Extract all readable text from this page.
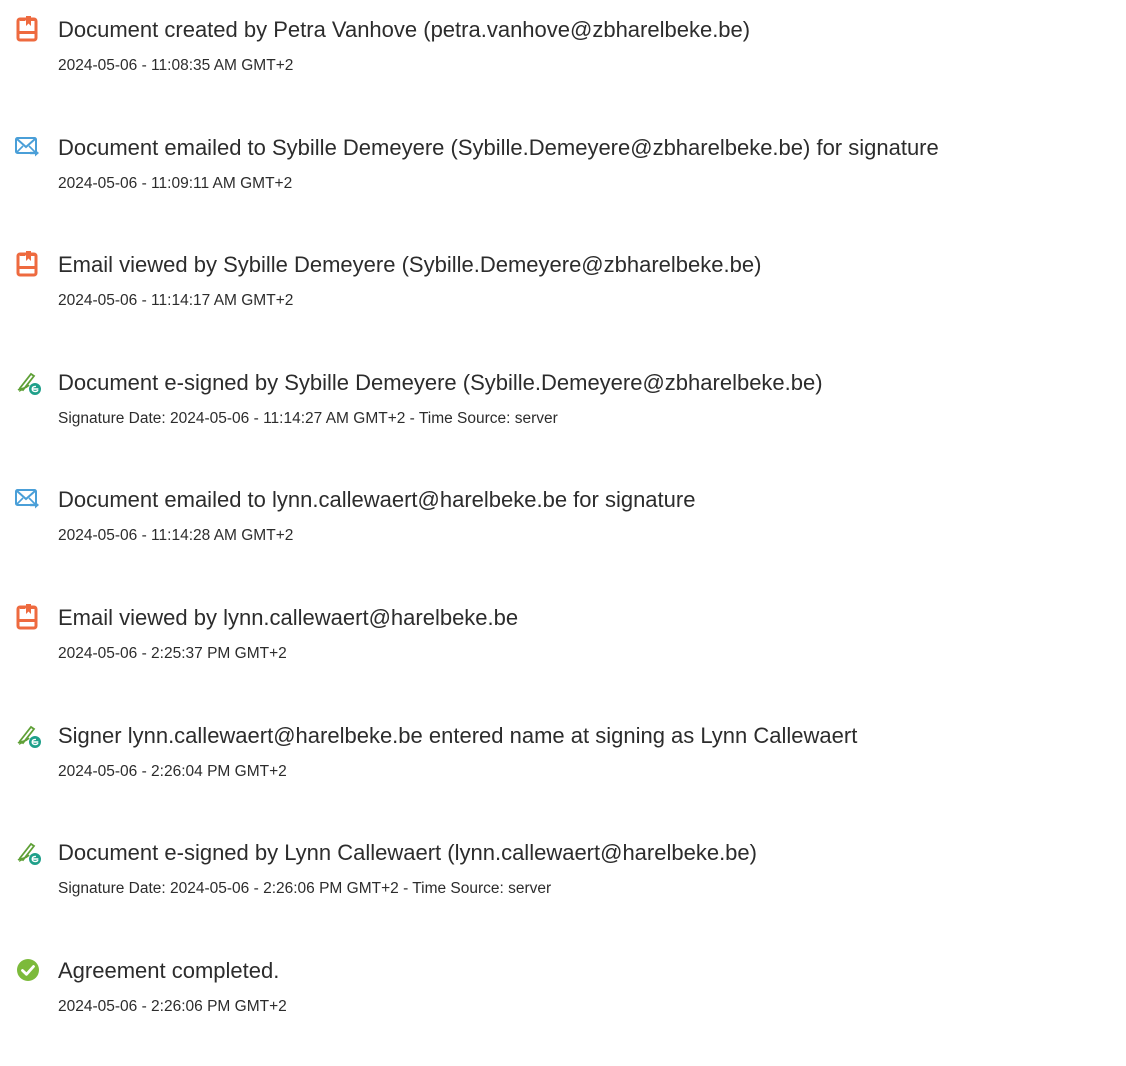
Document created by Petra Vanhove (petra.vanhove@zbharelbeke.be)
2024-05-06 - 11:08:35 AM GMT+2
Document emailed to Sybille Demeyere (Sybille.Demeyere@zbharelbeke.be) for signature
2024-05-06 - 11:09:11 AM GMT+2
Email viewed by Sybille Demeyere (Sybille.Demeyere@zbharelbeke.be)
2024-05-06 - 11:14:17 AM GMT+2
Document e-signed by Sybille Demeyere (Sybille.Demeyere@zbharelbeke.be)
Signature Date: 2024-05-06 - 11:14:27 AM GMT+2 - Time Source: server
Document emailed to lynn.callewaert@harelbeke.be for signature
2024-05-06 - 11:14:28 AM GMT+2
Email viewed by lynn.callewaert@harelbeke.be
2024-05-06 - 2:25:37 PM GMT+2
Signer lynn.callewaert@harelbeke.be entered name at signing as Lynn Callewaert
2024-05-06 - 2:26:04 PM GMT+2
Document e-signed by Lynn Callewaert (lynn.callewaert@harelbeke.be)
Signature Date: 2024-05-06 - 2:26:06 PM GMT+2 - Time Source: server
Agreement completed.
2024-05-06 - 2:26:06 PM GMT+2
